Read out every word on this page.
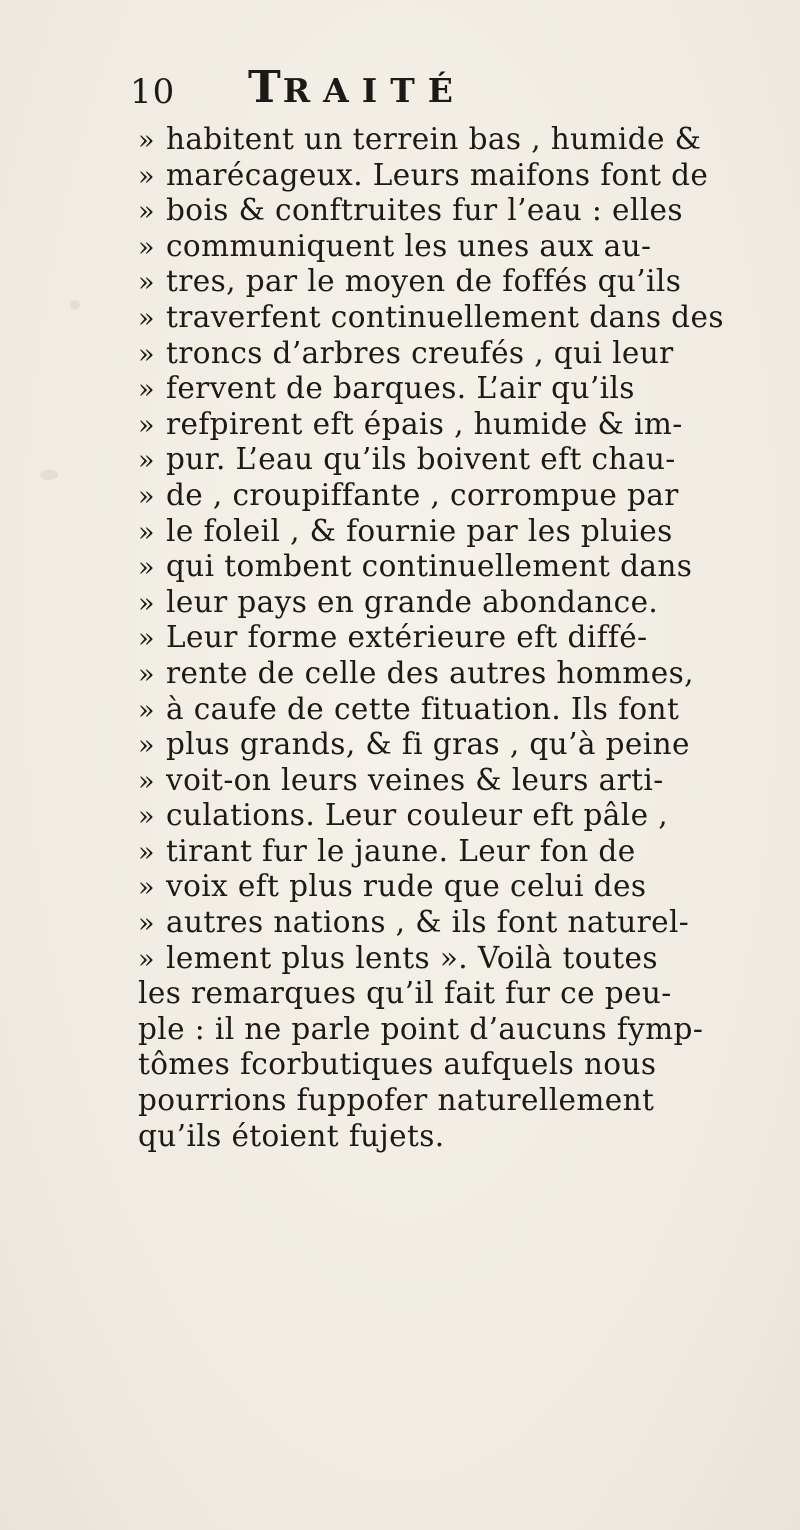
10 TRAITÉ
» habitent un terrein bas , humide &
» marécageux. Leurs maifons font de
» bois & conftruites fur l’eau : elles
» communiquent les unes aux au-
» tres, par le moyen de foffés qu’ils
» traverfent continuellement dans des
» troncs d’arbres creufés , qui leur
» fervent de barques. L’air qu’ils
» refpirent eft épais , humide & im-
» pur. L’eau qu’ils boivent eft chau-
» de , croupiffante , corrompue par
» le foleil , & fournie par les pluies
» qui tombent continuellement dans
» leur pays en grande abondance.
» Leur forme extérieure eft diffé-
» rente de celle des autres hommes,
» à caufe de cette fituation. Ils font
» plus grands, & fi gras , qu’à peine
» voit-on leurs veines & leurs arti-
» culations. Leur couleur eft pâle ,
» tirant fur le jaune. Leur fon de
» voix eft plus rude que celui des
» autres nations , & ils font naturel-
» lement plus lents ». Voilà toutes
les remarques qu’il fait fur ce peu-
ple : il ne parle point d’aucuns fymp-
tômes fcorbutiques aufquels nous
pourrions fuppofer naturellement
qu’ils étoient fujets.
